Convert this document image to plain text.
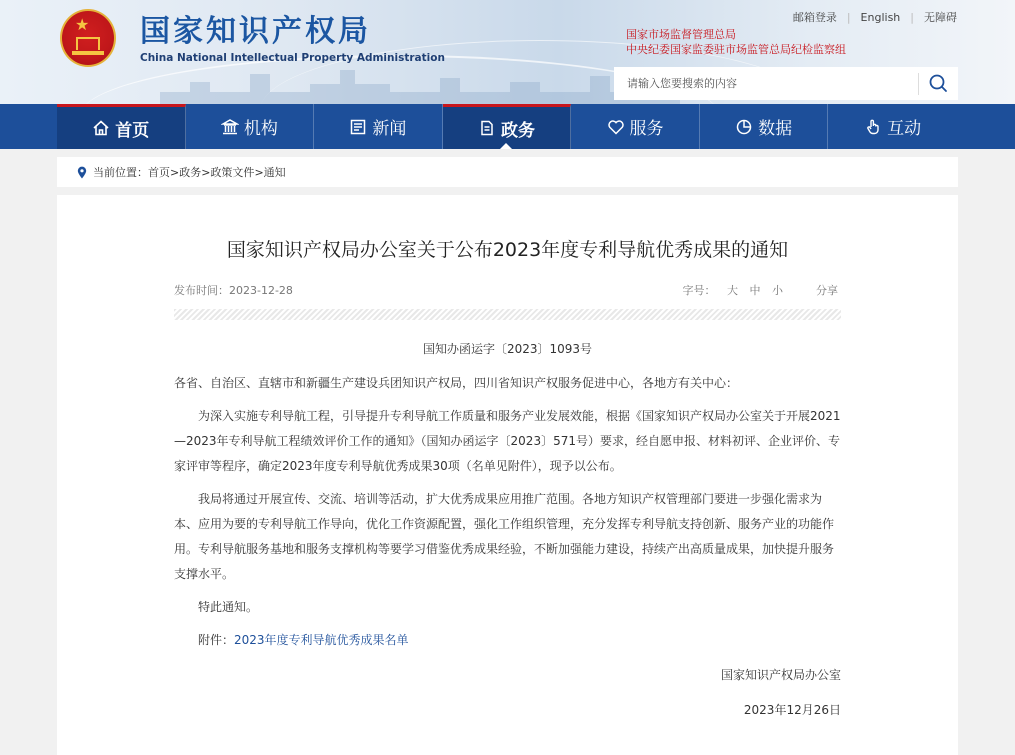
★ 国家知识产权局
China National Intellectual Property Administration
邮箱登录 | English | 无障碍
国家市场监督管理总局
中央纪委国家监委驻市场监管总局纪检监察组
请输入您要搜索的内容
首页	机构	新闻	政务	服务	数据	互动
当前位置： 首页 > 政务 > 政策文件 > 通知
国家知识产权局办公室关于公布2023年度专利导航优秀成果的通知
发布时间：2023-12-28	字号： 大 中 小	分享

国知办函运字〔2023〕1093号

各省、自治区、直辖市和新疆生产建设兵团知识产权局，四川省知识产权服务促进中心，各地方有关中心：

为深入实施专利导航工程，引导提升专利导航工作质量和服务产业发展效能，根据《国家知识产权局办公室关于开展2021—2023年专利导航工程绩效评价工作的通知》（国知办函运字〔2023〕571号）要求，经自愿申报、材料初评、企业评价、专家评审等程序，确定2023年度专利导航优秀成果30项（名单见附件），现予以公布。

我局将通过开展宣传、交流、培训等活动，扩大优秀成果应用推广范围。各地方知识产权管理部门要进一步强化需求为本、应用为要的专利导航工作导向，优化工作资源配置，强化工作组织管理，充分发挥专利导航支持创新、服务产业的功能作用。专利导航服务基地和服务支撑机构等要学习借鉴优秀成果经验，不断加强能力建设，持续产出高质量成果，加快提升服务支撑水平。

特此通知。

附件：2023年度专利导航优秀成果名单

国家知识产权局办公室

2023年12月26日
